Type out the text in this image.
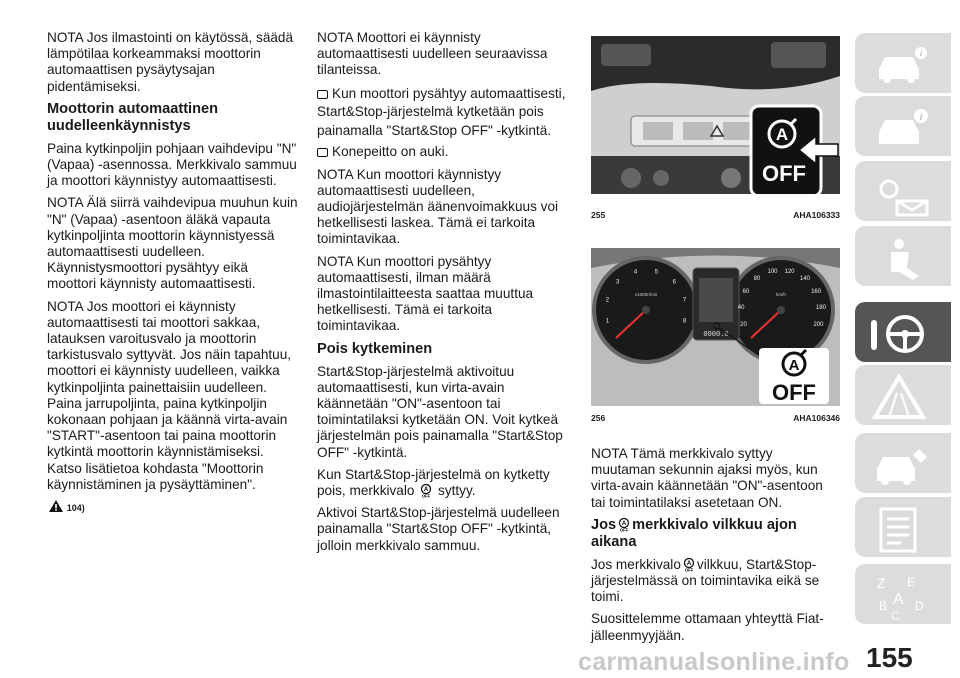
NOTA Jos ilmastointi on käytössä, säädä lämpötilaa korkeammaksi moottorin automaattisen pysäytysajan pidentämiseksi.

Moottorin automaattinen uudelleenkäynnistys

Paina kytkinpoljin pohjaan vaihdevipu "N" (Vapaa) -asennossa. Merkkivalo sammuu ja moottori käynnistyy automaattisesti.

NOTA Älä siirrä vaihdevipua muuhun kuin "N" (Vapaa) -asentoon äläkä vapauta kytkinpoljinta moottorin käynnistyessä automaattisesti uudelleen. Käynnistysmoottori pysähtyy eikä moottori käynnisty automaattisesti.

NOTA Jos moottori ei käynnisty automaattisesti tai moottori sakkaa, latauksen varoitusvalo ja moottorin tarkistusvalo syttyvät. Jos näin tapahtuu, moottori ei käynnisty uudelleen, vaikka kytkinpoljinta painettaisiin uudelleen. Paina jarrupoljinta, paina kytkinpoljin kokonaan pohjaan ja käännä virta-avain "START"-asentoon tai paina moottorin kytkintä moottorin käynnistämiseksi. Katso lisätietoa kohdasta "Moottorin käynnistäminen ja pysäyttäminen".

104)

NOTA Moottori ei käynnisty automaattisesti uudelleen seuraavissa tilanteissa.

Kun moottori pysähtyy automaattisesti, Start&Stop-järjestelmä kytketään pois painamalla "Start&Stop OFF" -kytkintä.

Konepeitto on auki.

NOTA Kun moottori käynnistyy automaattisesti uudelleen, audiojärjestelmän äänenvoimakkuus voi hetkellisesti laskea. Tämä ei tarkoita toimintavikaa.

NOTA Kun moottori pysähtyy automaattisesti, ilman määrä ilmastointilaitteesta saattaa muuttua hetkellisesti. Tämä ei tarkoita toimintavikaa.

Pois kytkeminen

Start&Stop-järjestelmä aktivoituu automaattisesti, kun virta-avain käännetään "ON"-asentoon tai toimintatilaksi kytketään ON. Voit kytkeä järjestelmän pois painamalla "Start&Stop OFF" -kytkintä.

Kun Start&Stop-järjestelmä on kytketty pois, merkkivalo A
OFF syttyy.

Aktivoi Start&Stop-järjestelmä uudelleen painamalla "Start&Stop OFF" -kytkintä, jolloin merkkivalo sammuu.

A
OFF
255	AHA106333
0000.0
x1000r/min	km/h
1
2
3
4	5
6
7
8
20
40
60
80
100 120
140
160
180
200
A
OFF
256	AHA106346

NOTA Tämä merkkivalo syttyy muutaman sekunnin ajaksi myös, kun virta-avain käännetään "ON"-asentoon tai toimintatilaksi asetetaan ON.

Jos A
OFF merkkivalo vilkkuu ajon aikana

Jos merkkivalo A
OFF vilkkuu, Start&Stop-järjestelmässä on toimintavika eikä se toimi.

Suosittelemme ottamaan yhteyttä Fiat-jälleenmyyjään.

i
i
Z E
B A D
C
155
carmanualsonline.info
